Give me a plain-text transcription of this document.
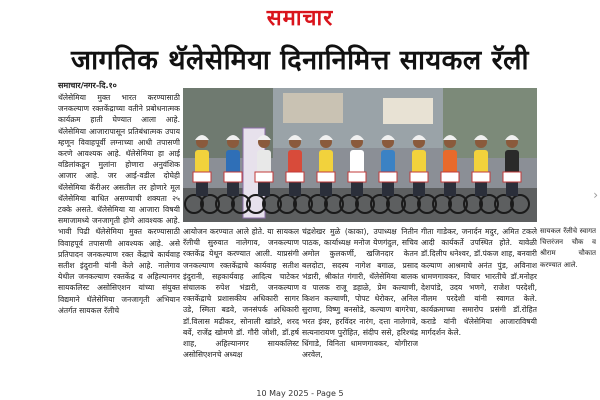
समाचार
जागतिक थॅलेसेमिया दिनानिमित्त सायकल रॅली
समाचार/नगर-दि.१०
थॅलेसेमिया मुक्त भारत करण्यासाठी जनकल्याण रक्तकेंद्राच्या वतीने प्रबोधनात्मक कार्यक्रम हाती घेण्यात आला आहे. थॅलेसेमिया आजारापासून प्रतिबंधात्मक उपाय म्हणून विवाहपूर्वी लग्नाच्या आधी तपासणी करणे आवश्यक आहे. थॅलेसेमिया हा आई वडिलांकडून मुलांना होणारा अनुवंशिक आजार आहे. जर आई-वडील दोघेही थॅलेसेमिया कॅरीअर असतील तर होणारे मूल थॅलेसेमिया बाधित असण्याची शक्यता २५ टक्के असते. थॅलेसेमिया या आजारा विषयी समाजामध्ये जनजागृती होणे आवश्यक आहे. भावी पिढी थॅलेसेमिया मुक्त करण्यासाठी विवाहपूर्व तपासणी आवश्यक आहे. असे प्रतिपादन जनकल्याण रक्त केंद्राचे कार्यवाह सतीश इंदुरानी यांनी केले आहे. नालेगाव येथील जनकल्याण रक्तकेंद्र व अहिल्यानगर सायकलिस्ट असोसिएशन यांच्या संयुक्त विद्यमाने थॅलेसेमिया जनजागृती अभियान अंतर्गत सायकल रॅलीचे
आयोजन करण्यात आले होते. या सायकल रॅलीची सुरुवात नालेगाव, जनकल्याण रक्तकेंद्र येथून करण्यात आली. याप्रसंगी जनकल्याण रक्तकेंद्राचे कार्यवाह सतीश इंदुरानी, सहकार्यवाह आदित्य चाटेकर संचालक रुपेश भंडारी, जनकल्याण रक्तकेंद्राचे प्रशासकीय अधिकारी सागर उडे, स्मिता बडवे, जनसंपर्क अधिकारी डॉ.विलास मढीकर, सोनाली खांडरे, शरद बर्वे, राजेंद्र खोमणे डॉ. गौरी जोशी, डॉ.हर्ष शाह, अहिल्यानगर सायकलिस्ट असोसिएशनचे अध्यक्ष
चंद्रशेखर मुळे (काका), उपाध्यक्ष नितीन पाठक, कार्याध्यक्ष मनोज येणगंदुल, सचिव अमोल कुलकर्णी, खजिनदार केतन बलदोटा, सदस्य नागेश बगाळ, प्रसाद भंडारी, श्रीकांत गंगारी, थॅलेसेमिया बालक व पालक राजू डहाळे, प्रेम कल्याणी, किशन कल्याणी, पोपट थेरोकर, अनिल सुराणा, विष्णु बनसोडे, कल्याण बागरेचा, भरत इंवर, हरविंदर नारंग, दत्ता नालेगावे, सत्यनारायण पुरोहित, संदीप ससे, हरिश्चंद्र धिंगाडे, विनिता धामणगावकर, योगीराज अरवेल,
गीता गाडेकर, जनार्दन मदुर, अमित टकले आदी कार्यकर्ते उपस्थित होते. यावेळी डॉ.दिलीप धनेश्वर, डॉ.पंकज शाह, बनवारी कल्याण आश्रमाचे अनंत पुंड, अविनाश धामणगावकर, विचार भारतीचे डॉ.मनोहर देशपांडे, उदय भणगे, राजेश परदेशी, नीलम परदेशी यांनी स्वागत केले. कार्यक्रमाच्या समारोप प्रसंगी डॉ.रोहित कराडे यांनी थॅलेसेमिया आजाराविषयी मार्गदर्शन केले.
सायकल रॅलीचे स्वागत चित्तरंजन चौक व श्रीराम चौकात करण्यात आले.
›
10 May 2025 - Page 5
